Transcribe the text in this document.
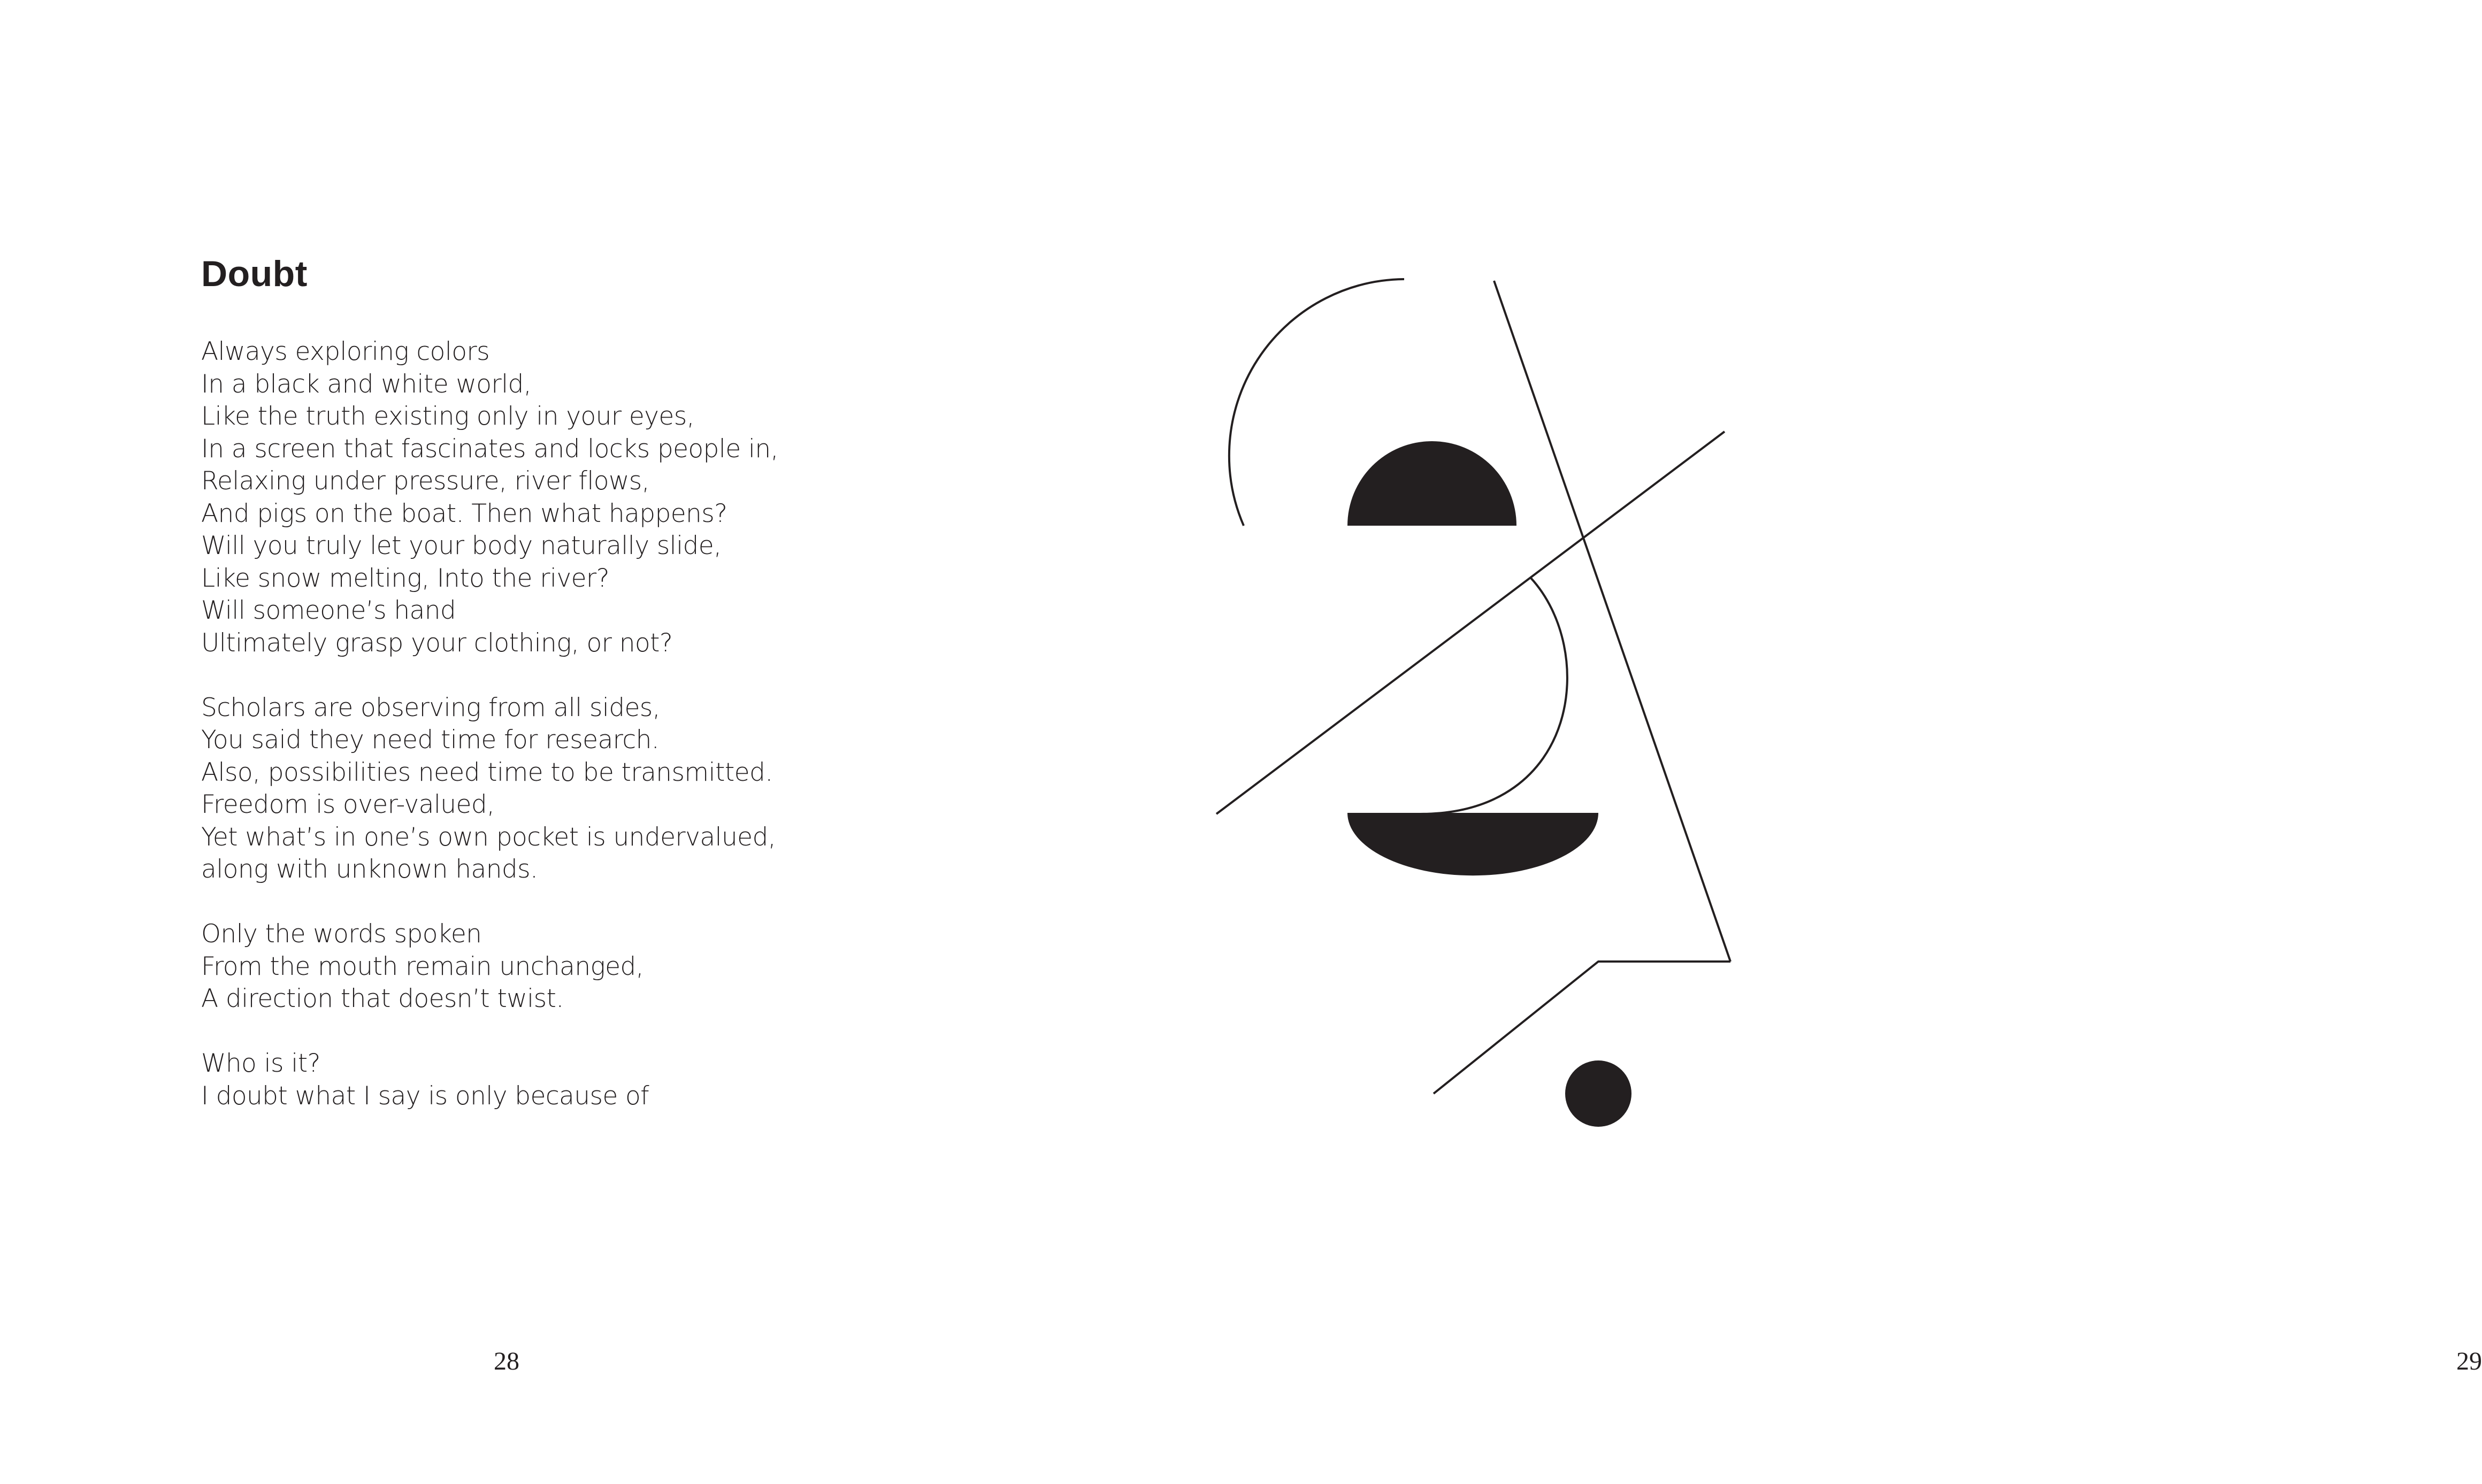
Doubt
Always exploring colors
In a black and white world,
Like the truth existing only in your eyes,
In a screen that fascinates and locks people in,
Relaxing under pressure, river flows,
And pigs on the boat. Then what happens?
Will you truly let your body naturally slide,
Like snow melting, Into the river?
Will someone’s hand
Ultimately grasp your clothing, or not?
Scholars are observing from all sides,
You said they need time for research.
Also, possibilities need time to be transmitted.
Freedom is over-valued,
Yet what’s in one’s own pocket is undervalued,
along with unknown hands.
Only the words spoken
From the mouth remain unchanged,
A direction that doesn’t twist.
Who is it?
I doubt what I say is only because of
28	29
